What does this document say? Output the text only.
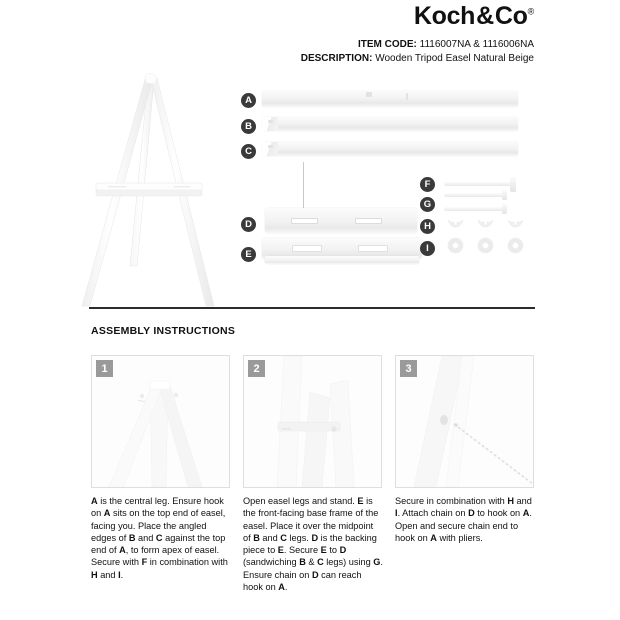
Koch&Co®
ITEM CODE: 1116007NA & 1116006NA
DESCRIPTION: Wooden Tripod Easel Natural Beige
A
B
C
D
E
F
G
H
I
ASSEMBLY INSTRUCTIONS
1
A is the central leg. Ensure hook on A sits on the top end of easel, facing you. Place the angled edges of B and C against the top end of A, to form apex of easel. Secure with F in combination with H and I.
2
Open easel legs and stand. E is the front-facing base frame of the easel. Place it over the midpoint of B and C legs. D is the backing piece to E. Secure E to D (sandwiching B & C legs) using G. Ensure chain on D can reach hook on A.
3
Secure in combination with H and I. Attach chain on D to hook on A. Open and secure chain end to hook on A with pliers.
